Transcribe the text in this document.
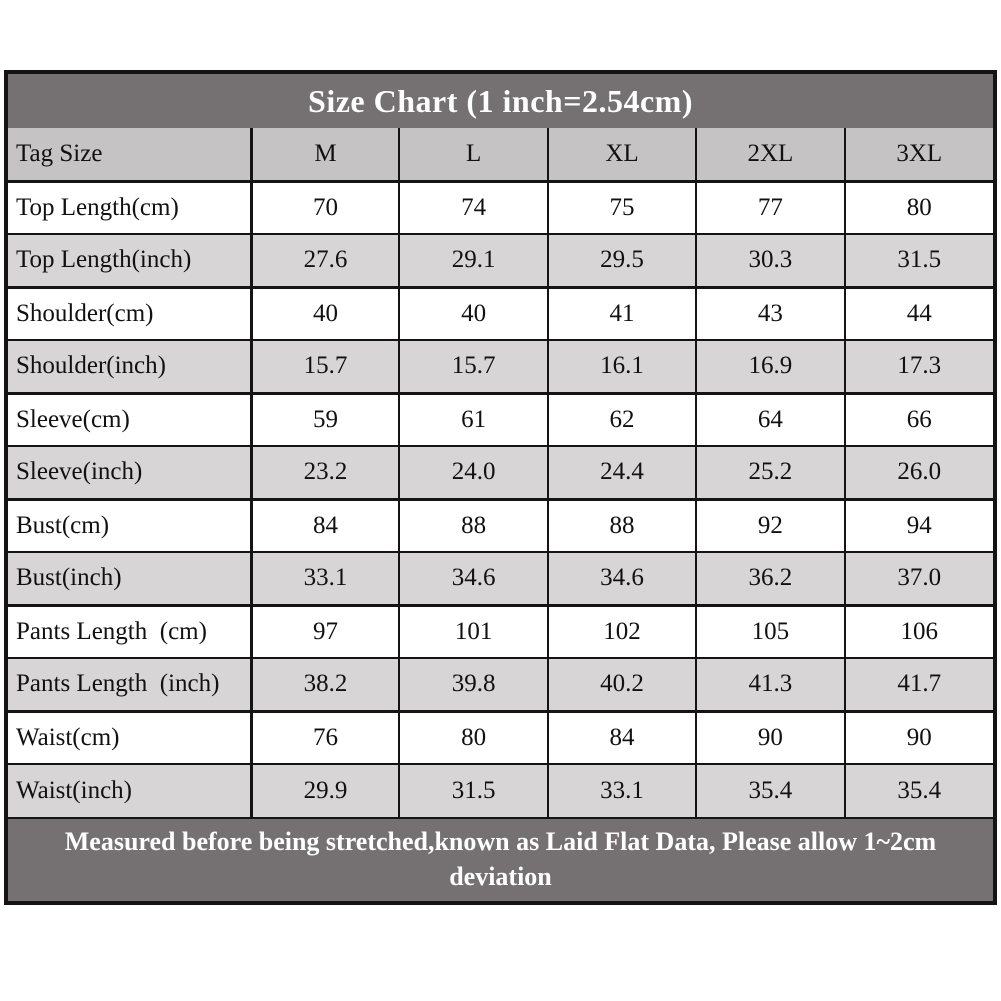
Size Chart (1 inch=2.54cm)
Tag Size	M	L	XL	2XL	3XL
Top Length(cm)	70	74	75	77	80
Top Length(inch)	27.6	29.1	29.5	30.3	31.5
Shoulder(cm)	40	40	41	43	44
Shoulder(inch)	15.7	15.7	16.1	16.9	17.3
Sleeve(cm)	59	61	62	64	66
Sleeve(inch)	23.2	24.0	24.4	25.2	26.0
Bust(cm)	84	88	88	92	94
Bust(inch)	33.1	34.6	34.6	36.2	37.0
Pants Length  (cm)	97	101	102	105	106
Pants Length  (inch)	38.2	39.8	40.2	41.3	41.7
Waist(cm)	76	80	84	90	90
Waist(inch)	29.9	31.5	33.1	35.4	35.4
Measured before being stretched,known as Laid Flat Data, Please allow 1~2cm deviation
